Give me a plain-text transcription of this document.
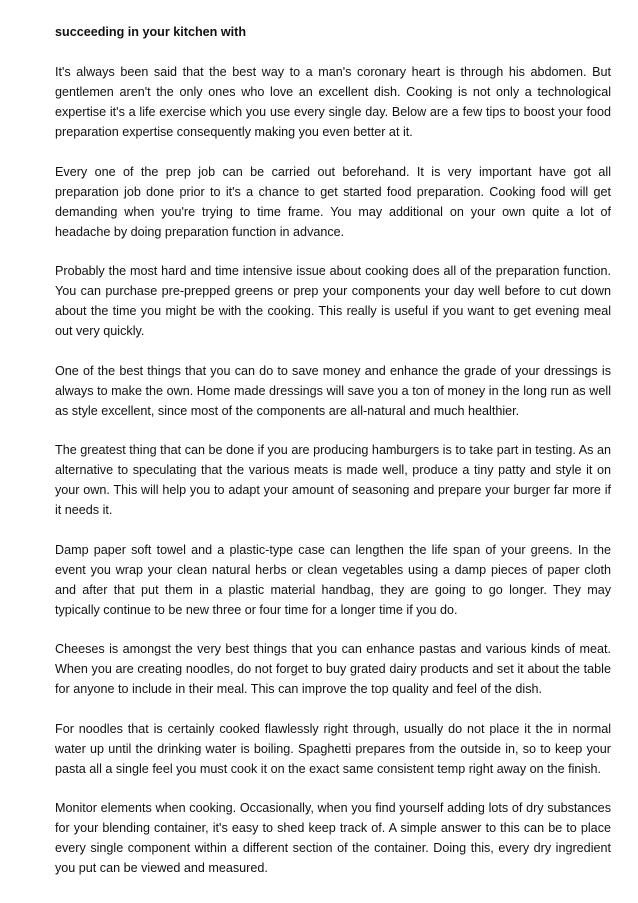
succeeding in your kitchen with

It's always been said that the best way to a man's coronary heart is through his abdomen. But gentlemen aren't the only ones who love an excellent dish. Cooking is not only a technological expertise it's a life exercise which you use every single day. Below are a few tips to boost your food preparation expertise consequently making you even better at it.

Every one of the prep job can be carried out beforehand. It is very important have got all preparation job done prior to it's a chance to get started food preparation. Cooking food will get demanding when you're trying to time frame. You may additional on your own quite a lot of headache by doing preparation function in advance.

Probably the most hard and time intensive issue about cooking does all of the preparation function. You can purchase pre-prepped greens or prep your components your day well before to cut down about the time you might be with the cooking. This really is useful if you want to get evening meal out very quickly.

One of the best things that you can do to save money and enhance the grade of your dressings is always to make the own. Home made dressings will save you a ton of money in the long run as well as style excellent, since most of the components are all-natural and much healthier.

The greatest thing that can be done if you are producing hamburgers is to take part in testing. As an alternative to speculating that the various meats is made well, produce a tiny patty and style it on your own. This will help you to adapt your amount of seasoning and prepare your burger far more if it needs it.

Damp paper soft towel and a plastic-type case can lengthen the life span of your greens. In the event you wrap your clean natural herbs or clean vegetables using a damp pieces of paper cloth and after that put them in a plastic material handbag, they are going to go longer. They may typically continue to be new three or four time for a longer time if you do.

Cheeses is amongst the very best things that you can enhance pastas and various kinds of meat. When you are creating noodles, do not forget to buy grated dairy products and set it about the table for anyone to include in their meal. This can improve the top quality and feel of the dish.

For noodles that is certainly cooked flawlessly right through, usually do not place it the in normal water up until the drinking water is boiling. Spaghetti prepares from the outside in, so to keep your pasta all a single feel you must cook it on the exact same consistent temp right away on the finish.

Monitor elements when cooking. Occasionally, when you find yourself adding lots of dry substances for your blending container, it's easy to shed keep track of. A simple answer to this can be to place every single component within a different section of the container. Doing this, every dry ingredient you put can be viewed and measured.
